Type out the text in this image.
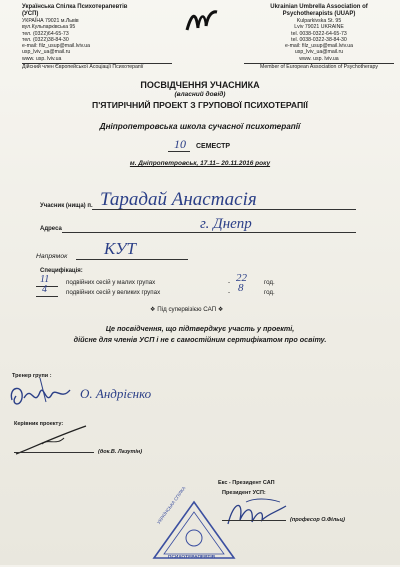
Українська Спілка Психотерапевтів
(УСП)
УКРАЇНА 79021 м.Львів
вул.Кульпарківська 95
тел. (0322)64-65-73
тел. (0322)38-84-30
e-mail: filz_usup@mail.lviv.ua
usp_lviv_ua@mail.ru
www. usp. lviv.ua
Дійсний член Європейської Асоціації Психотерапії
Ukrainian Umbrella Association of
Psychotherapists (UUAP)
Kulparkivska St. 95
Lviv 79021 UKRAINE
tel. 0038-0322-64-65-73
tel. 0038-0322-38-84-30
e-mail: filz_usup@mail.lviv.ua
usp_lviv_ua@mail.ru
www. usp. lviv.ua
Member of European Association of Psychotherapy
ПОСВІДЧЕННЯ УЧАСНИКА
(власний довід)
П'ЯТИРІЧНИЙ ПРОЕКТ З ГРУПОВОЇ ПСИХОТЕРАПІЇ
Дніпропетровська школа сучасної психотерапії
10 СЕМЕСТР
м. Дніпропетровськ, 17.11– 20.11.2016 року
Учасник (нища) п. Тарадай Анастасія
Адреса	г. Днепр
Напрямок КУТ
Специфікація:
11	подвійних сесій у малих групах	- 22	год.
4	подвійних сесій у великих групах	- 8	год.
❖ Під супервізією САП ❖
Це посвідчення, що підтверджує участь у проекті,
дійсне для членів УСП і не є самостійним сертифікатом про освіту.
Тренер групи :
О. Андрієнко
Керівник проекту:
(док.В. Лазутін)
Екс - Президент САП
Президент УСП:
УКРАЇНСЬКА СПІЛКА
ПСИХОТЕРАПЕВТІВ
(професор О.Фільц)
